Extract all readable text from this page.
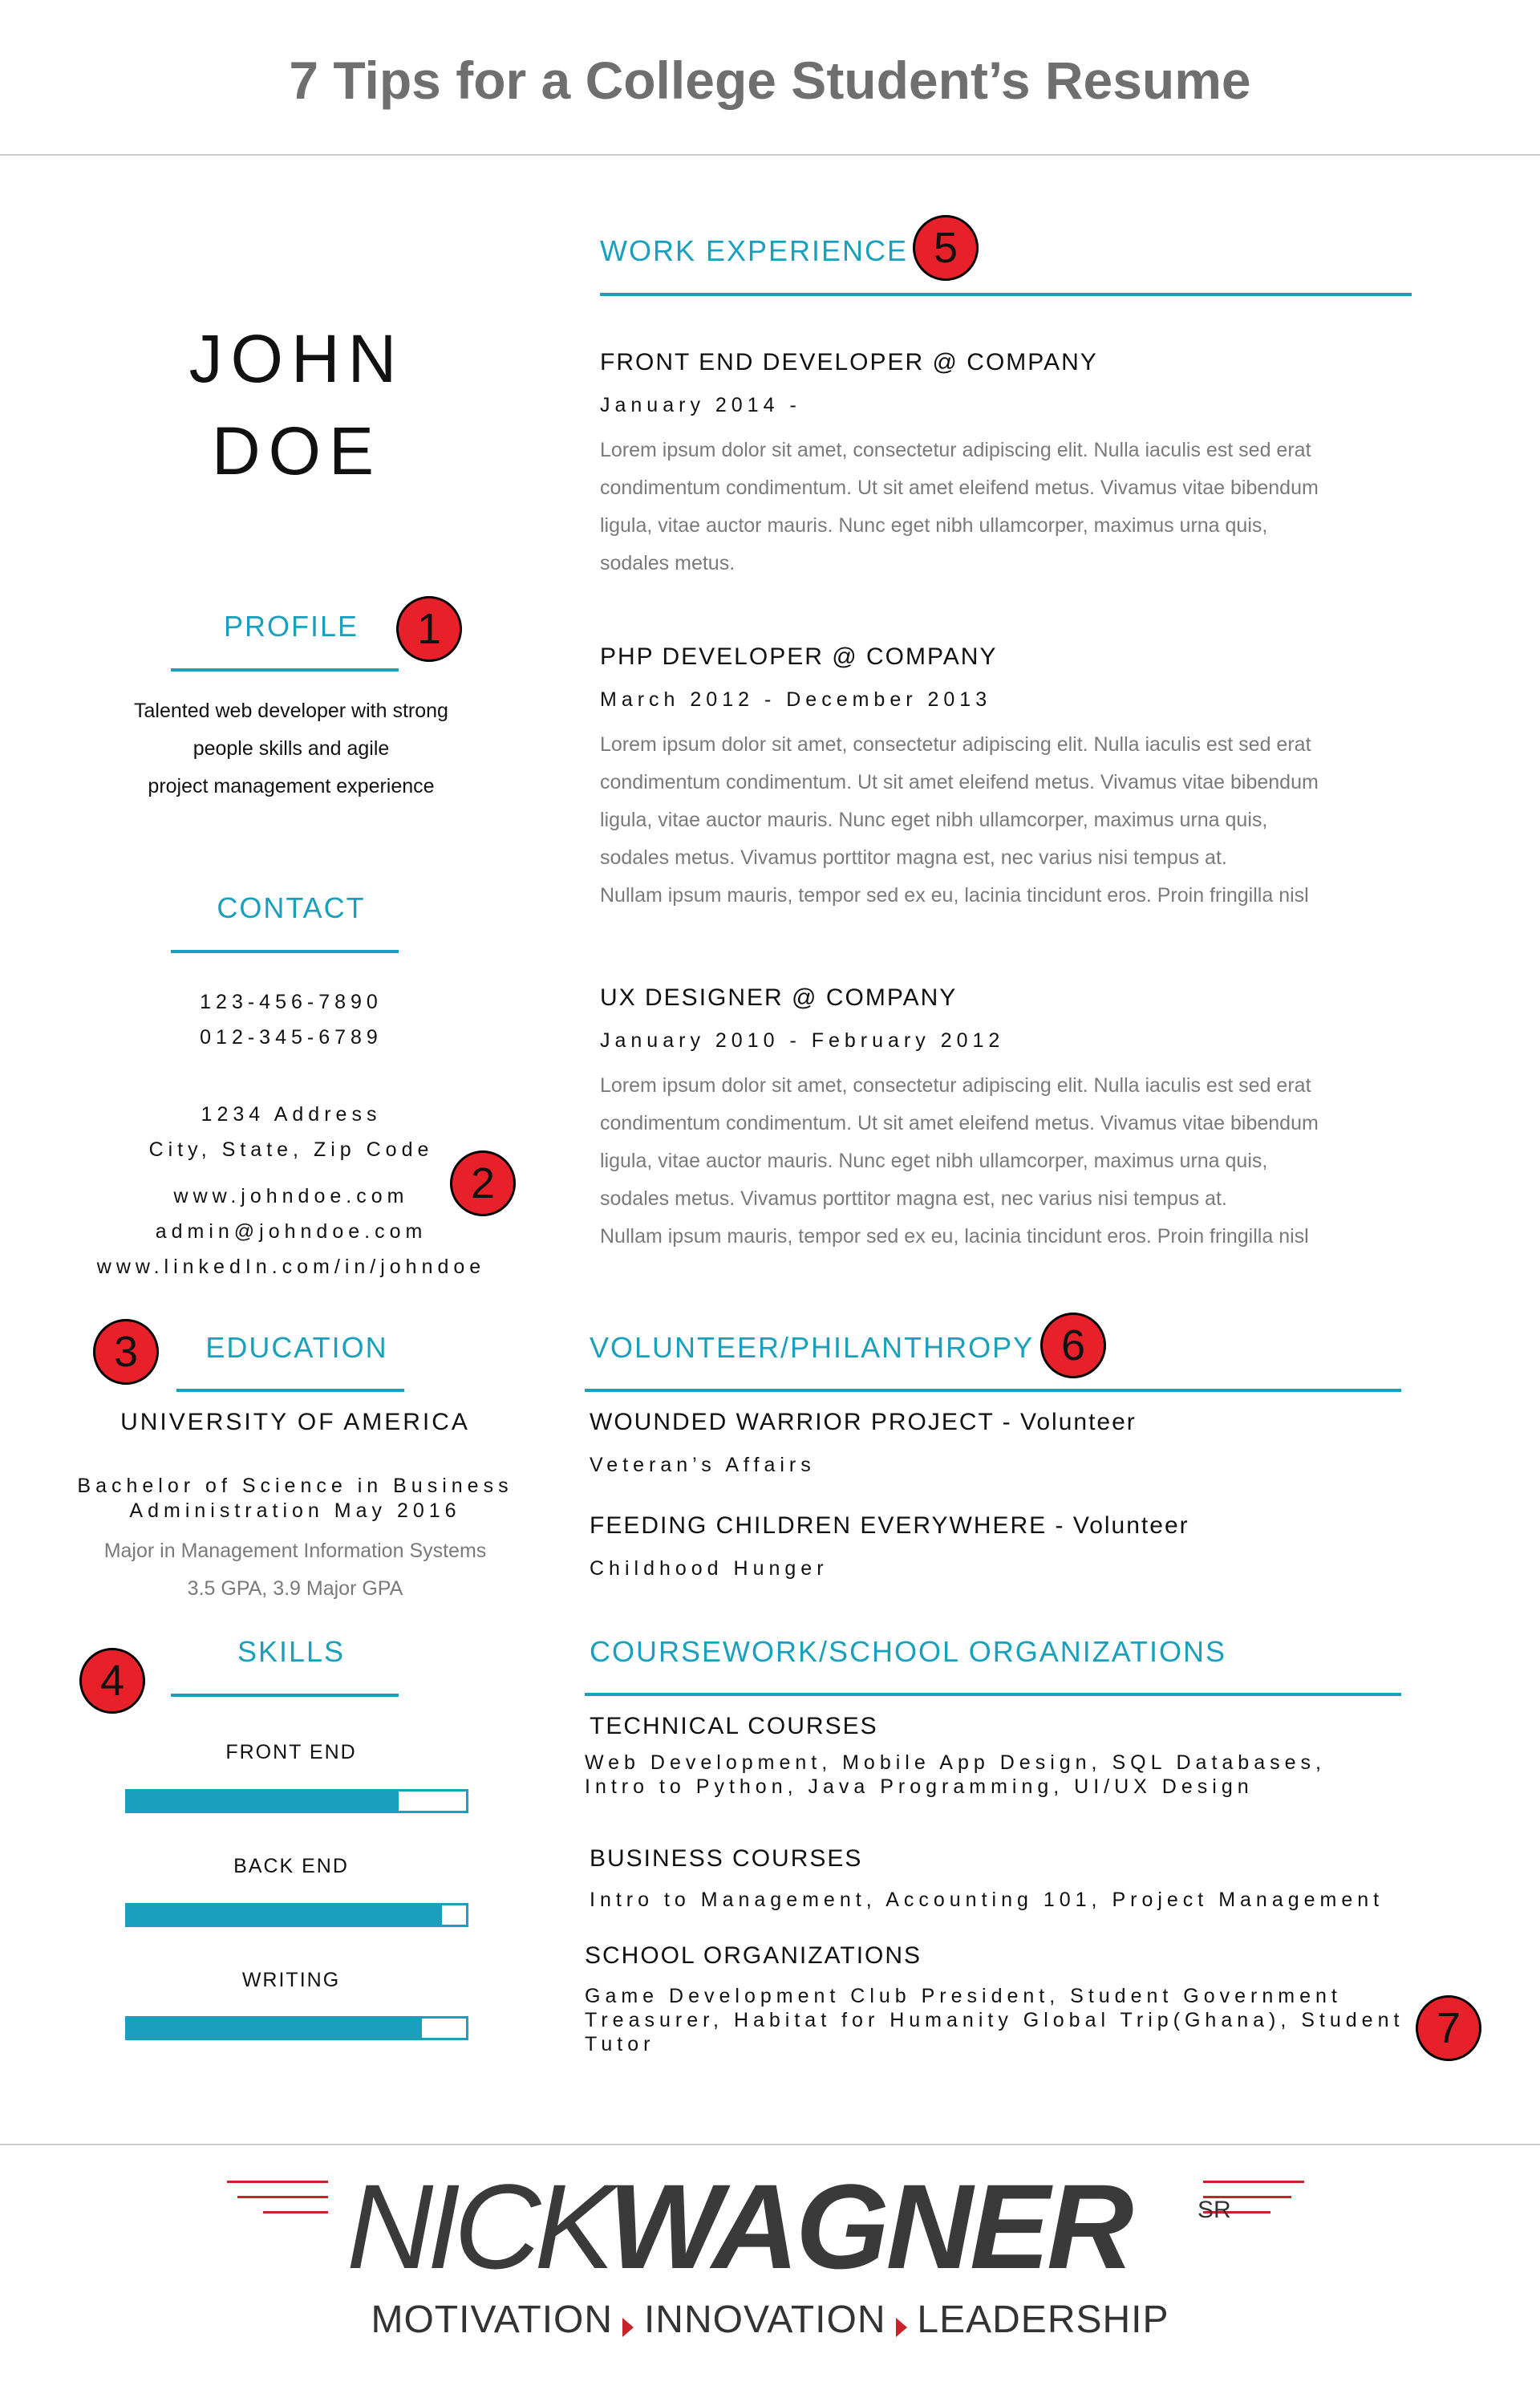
7 Tips for a College Student’s Resume
JOHN
DOE
PROFILE	1
Talented web developer with strong
people skills and agile
project management experience
CONTACT
123-456-7890
012-345-6789
1234 Address
City, State, Zip Code
www.johndoe.com
admin@johndoe.com
www.linkedIn.com/in/johndoe
2
3	EDUCATION
UNIVERSITY OF AMERICA
Bachelor of Science in Business
Administration May 2016
Major in Management Information Systems
3.5 GPA, 3.9 Major GPA
4
SKILLS
FRONT END
BACK END
WRITING
WORK EXPERIENCE 5
FRONT END DEVELOPER @ COMPANY
January 2014 -
Lorem ipsum dolor sit amet, consectetur adipiscing elit. Nulla iaculis est sed erat
condimentum condimentum. Ut sit amet eleifend metus. Vivamus vitae bibendum
ligula, vitae auctor mauris. Nunc eget nibh ullamcorper, maximus urna quis,
sodales metus.
PHP DEVELOPER @ COMPANY
March 2012 - December 2013
Lorem ipsum dolor sit amet, consectetur adipiscing elit. Nulla iaculis est sed erat
condimentum condimentum. Ut sit amet eleifend metus. Vivamus vitae bibendum
ligula, vitae auctor mauris. Nunc eget nibh ullamcorper, maximus urna quis,
sodales metus. Vivamus porttitor magna est, nec varius nisi tempus at.
Nullam ipsum mauris, tempor sed ex eu, lacinia tincidunt eros. Proin fringilla nisl
UX DESIGNER @ COMPANY
January 2010 - February 2012
Lorem ipsum dolor sit amet, consectetur adipiscing elit. Nulla iaculis est sed erat
condimentum condimentum. Ut sit amet eleifend metus. Vivamus vitae bibendum
ligula, vitae auctor mauris. Nunc eget nibh ullamcorper, maximus urna quis,
sodales metus. Vivamus porttitor magna est, nec varius nisi tempus at.
Nullam ipsum mauris, tempor sed ex eu, lacinia tincidunt eros. Proin fringilla nisl
VOLUNTEER/PHILANTHROPY 6
WOUNDED WARRIOR PROJECT - Volunteer
Veteran’s Affairs
FEEDING CHILDREN EVERYWHERE - Volunteer
Childhood Hunger
COURSEWORK/SCHOOL ORGANIZATIONS
TECHNICAL COURSES
Web Development, Mobile App Design, SQL Databases,
Intro to Python, Java Programming, UI/UX Design
BUSINESS COURSES
Intro to Management, Accounting 101, Project Management
SCHOOL ORGANIZATIONS
Game Development Club President, Student Government
Treasurer, Habitat for Humanity Global Trip(Ghana), Student
Tutor	7
NICKWAGNER	SR
MOTIVATION INNOVATION LEADERSHIP
